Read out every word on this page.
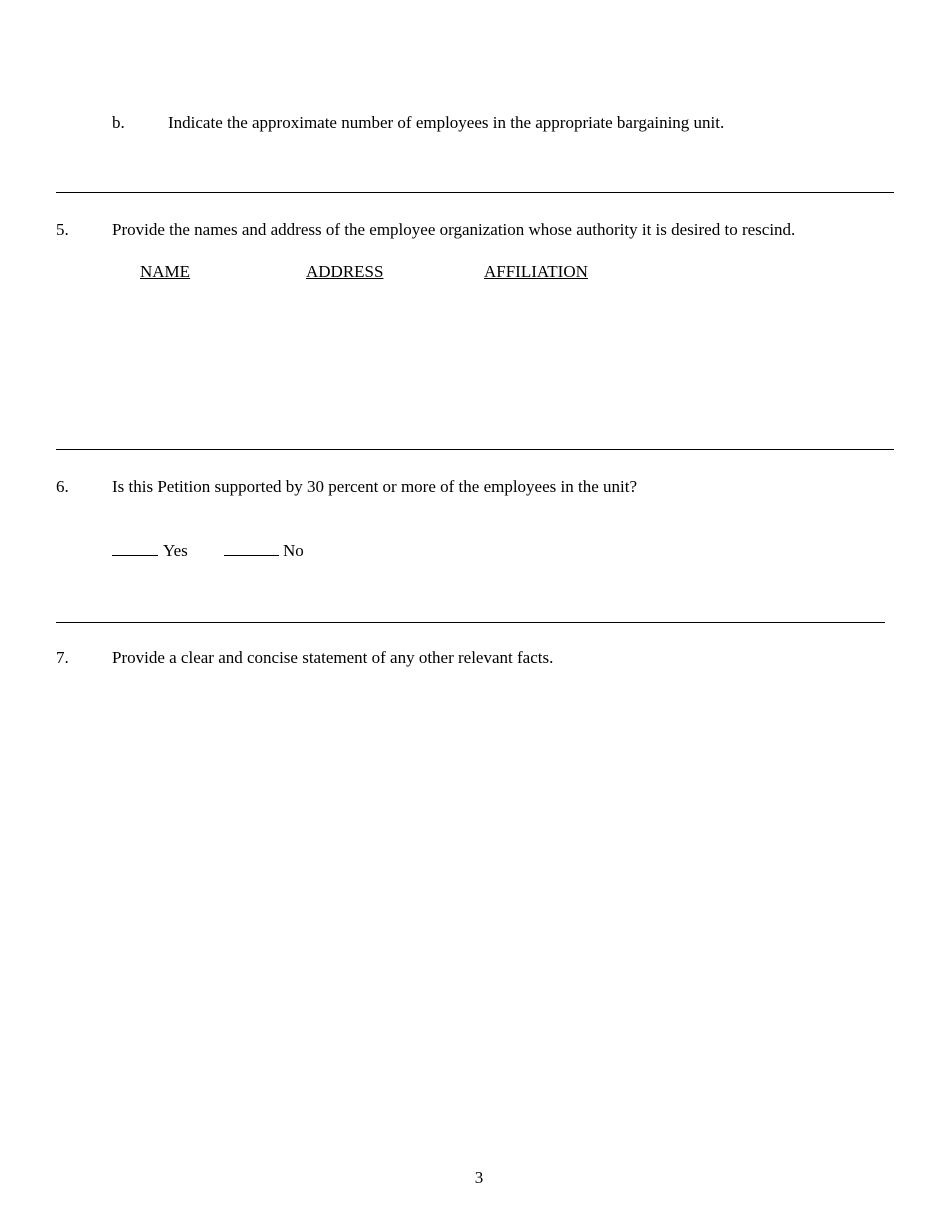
b.	Indicate the approximate number of employees in the appropriate bargaining unit.
5.	Provide the names and address of the employee organization whose authority it is desired to rescind.
NAME	ADDRESS	AFFILIATION
6.	Is this Petition supported by 30 percent or more of the employees in the unit?
Yes	No
7.	Provide a clear and concise statement of any other relevant facts.
3
